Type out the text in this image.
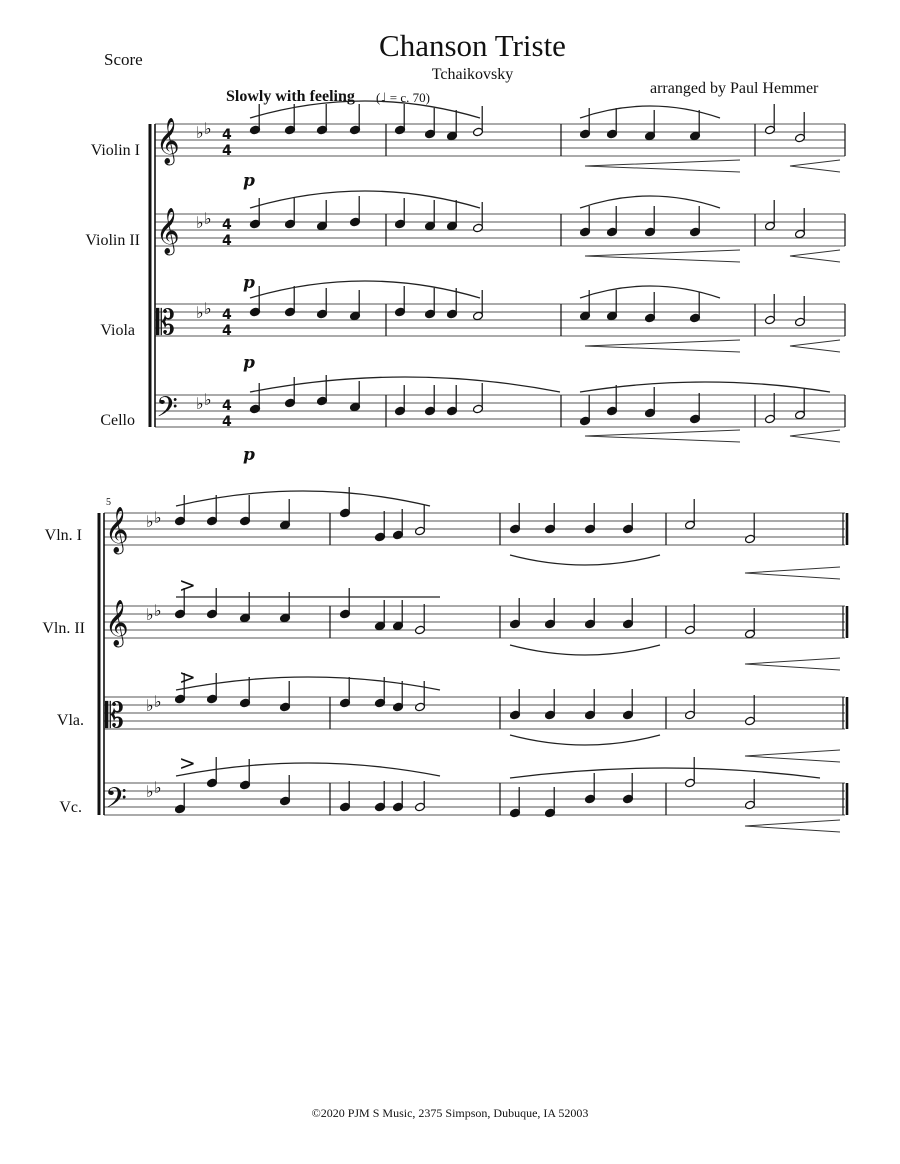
Score	Chanson Triste
Tchaikovsky
arranged by Paul Hemmer
Slowly with feeling (♩ = c. 70)
Violin I
Violin II
Viola
Cello
5
Vln. I
Vln. II
Vla.
Vc.
𝄞 ♭ ♭ 4
4
𝄞 ♭ ♭ 4
4
𝄡 ♭ ♭ 4
4
𝄢 ♭ ♭ 4
4
p
p
p
p
𝄞 ♭ ♭
𝄞 ♭ ♭
𝄡 ♭ ♭
𝄢 ♭ ♭
>
>
>
©2020 PJM S Music, 2375 Simpson, Dubuque, IA 52003
